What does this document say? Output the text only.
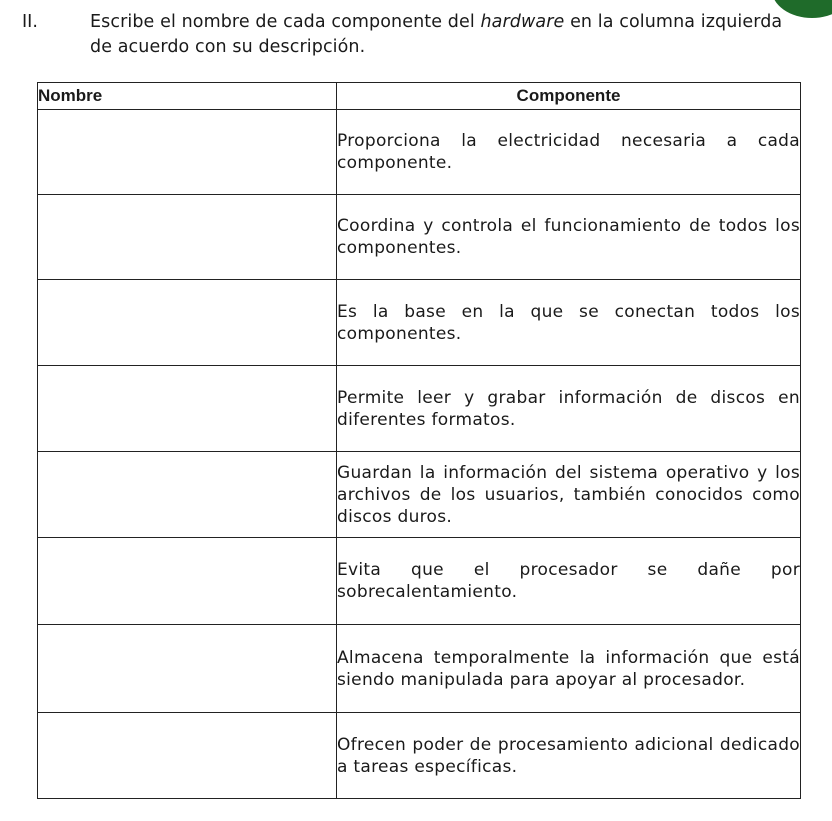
II.	Escribe el nombre de cada componente del hardware en la columna izquierda de acuerdo con su descripción.
Nombre	Componente
	Proporciona la electricidad necesaria a cada componente.
	Coordina y controla el funcionamiento de todos los componentes.
	Es la base en la que se conectan todos los componentes.
	Permite leer y grabar información de discos en diferentes formatos.
	Guardan la información del sistema operativo y los archivos de los usuarios, también conocidos como discos duros.
	Evita que el procesador se dañe por sobrecalentamiento.
	Almacena temporalmente la información que está siendo manipulada para apoyar al procesador.
	Ofrecen poder de procesamiento adicional dedicado a tareas específicas.
